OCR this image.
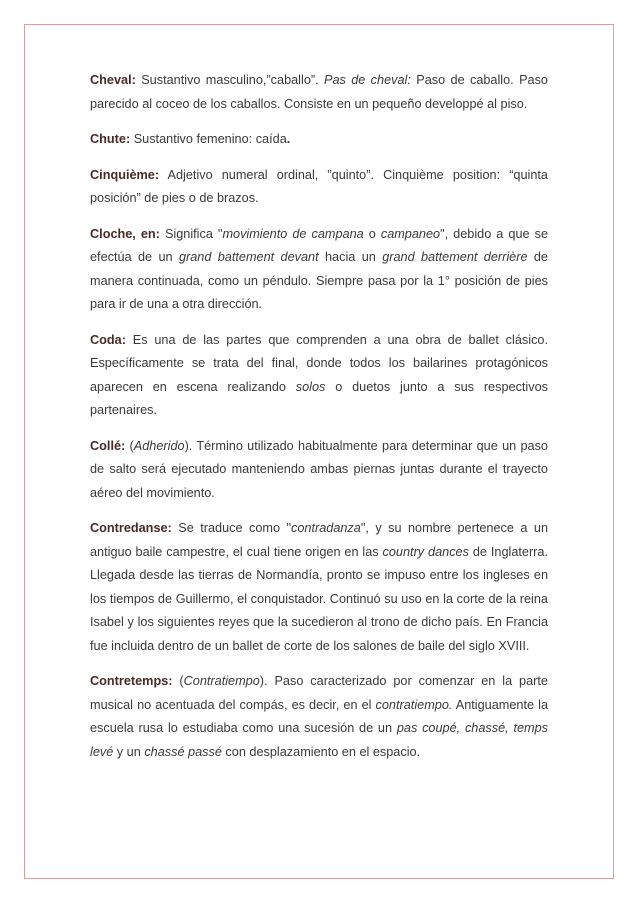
Cheval: Sustantivo masculino,”caballo”. Pas de cheval: Paso de caballo. Paso parecido al coceo de los caballos. Consiste en un pequeño developpé al piso.

Chute: Sustantivo femenino: caída.

Cinquième: Adjetivo numeral ordinal, ”quinto”. Cinquième position: “quinta posición” de pies o de brazos.

Cloche, en: Significa "movimiento de campana o campaneo", debido a que se efectúa de un grand battement devant hacia un grand battement derrière de manera continuada, como un péndulo. Siempre pasa por la 1° posición de pies para ir de una a otra dirección.

Coda: Es una de las partes que comprenden a una obra de ballet clásico. Específicamente se trata del final, donde todos los bailarines protagónicos aparecen en escena realizando solos o duetos junto a sus respectivos partenaires.

Collé: (Adherido). Término utilizado habitualmente para determinar que un paso de salto será ejecutado manteniendo ambas piernas juntas durante el trayecto aéreo del movimiento.

Contredanse: Se traduce como "contradanza", y su nombre pertenece a un antiguo baile campestre, el cual tiene origen en las country dances de Inglaterra. Llegada desde las tierras de Normandía, pronto se impuso entre los ingleses en los tiempos de Guillermo, el conquistador. Continuó su uso en la corte de la reina Isabel y los siguientes reyes que la sucedieron al trono de dicho país. En Francia fue incluida dentro de un ballet de corte de los salones de baile del siglo XVIII.

Contretemps: (Contratiempo). Paso caracterizado por comenzar en la parte musical no acentuada del compás, es decir, en el contratiempo. Antiguamente la escuela rusa lo estudiaba como una sucesión de un pas coupé, chassé, temps levé y un chassé passé con desplazamiento en el espacio.
